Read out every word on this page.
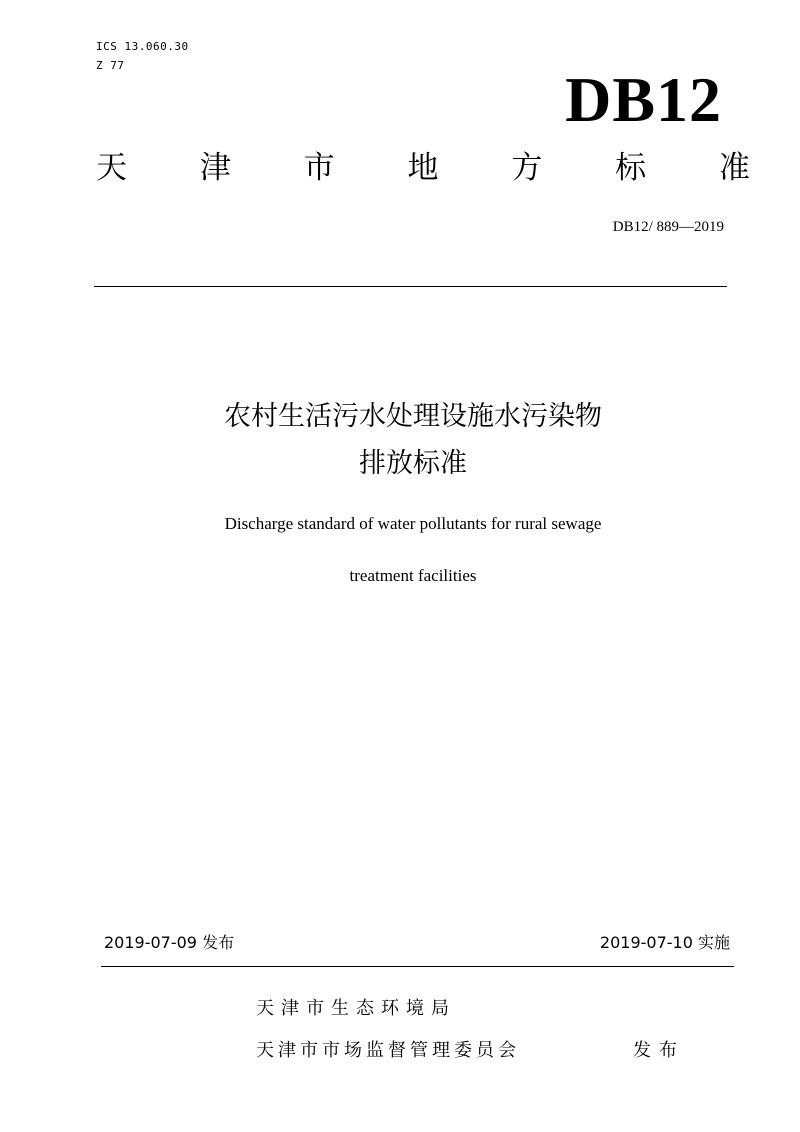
ICS 13.060.30
Z 77	DB12
天 津 市 地 方 标 准
DB12/ 889—2019
农村生活污水处理设施水污染物
排放标准
Discharge standard of water pollutants for rural sewage
treatment facilities
2019-07-09 发布	2019-07-10 实施
天津市生态环境局
天津市市场监督管理委员会	发布
